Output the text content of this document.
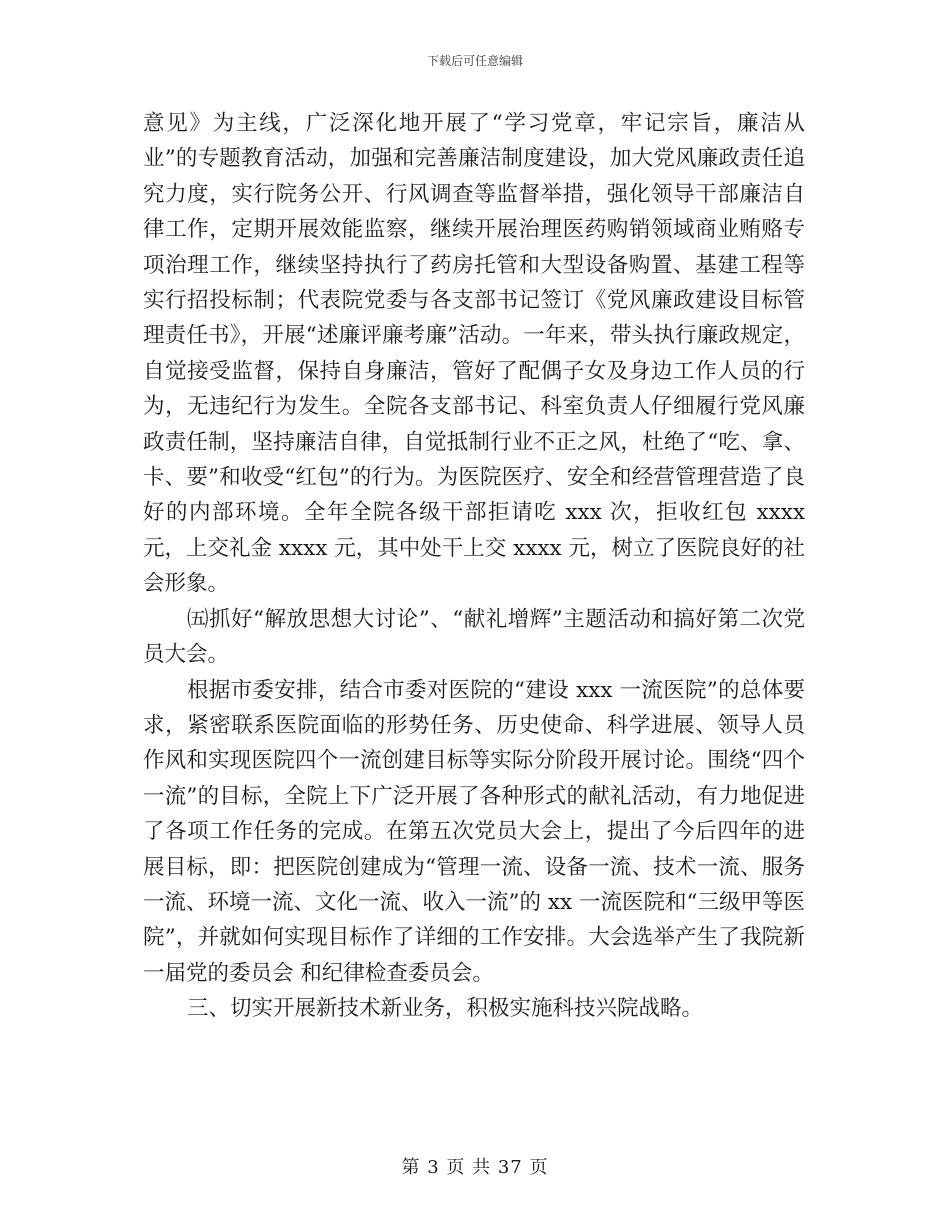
下载后可任意编辑

意见》为主线，广泛深化地开展了“学习党章，牢记宗旨，廉洁从业”的专题教育活动，加强和完善廉洁制度建设，加大党风廉政责任追究力度，实行院务公开、行风调查等监督举措，强化领导干部廉洁自律工作，定期开展效能监察，继续开展治理医药购销领域商业贿赂专项治理工作，继续坚持执行了药房托管和大型设备购置、基建工程等实行招投标制；代表院党委与各支部书记签订《党风廉政建设目标管理责任书》，开展“述廉评廉考廉”活动。一年来，带头执行廉政规定，自觉接受监督，保持自身廉洁，管好了配偶子女及身边工作人员的行为，无违纪行为发生。全院各支部书记、科室负责人仔细履行党风廉政责任制，坚持廉洁自律，自觉抵制行业不正之风，杜绝了“吃、拿、卡、要”和收受“红包”的行为。为医院医疗、安全和经营管理营造了良好的内部环境。全年全院各级干部拒请吃 xxx 次，拒收红包 xxxx 元，上交礼金 xxxx 元，其中处干上交 xxxx 元，树立了医院良好的社会形象。

㈤抓好“解放思想大讨论”、“献礼增辉”主题活动和搞好第二次党员大会。

根据市委安排，结合市委对医院的“建设 xxx 一流医院”的总体要求，紧密联系医院面临的形势任务、历史使命、科学进展、领导人员作风和实现医院四个一流创建目标等实际分阶段开展讨论。围绕“四个一流”的目标，全院上下广泛开展了各种形式的献礼活动，有力地促进了各项工作任务的完成。在第五次党员大会上，提出了今后四年的进展目标，即：把医院创建成为“管理一流、设备一流、技术一流、服务一流、环境一流、文化一流、收入一流”的 xx 一流医院和“三级甲等医院”，并就如何实现目标作了详细的工作安排。大会选举产生了我院新一届党的委员会 和纪律检查委员会。

三、切实开展新技术新业务，积极实施科技兴院战略。

第 3 页 共 37 页
